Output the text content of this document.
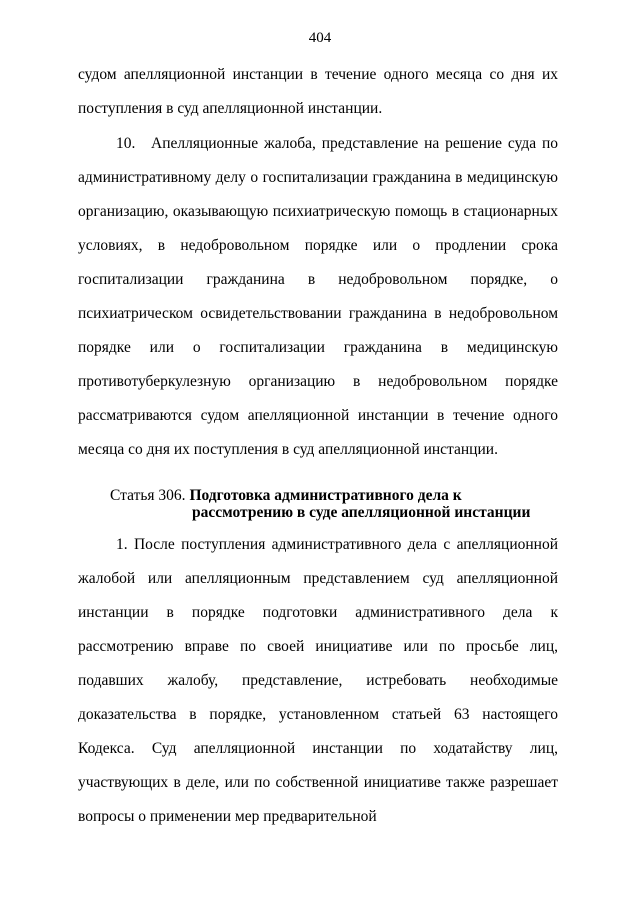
404

судом апелляционной инстанции в течение одного месяца со дня их поступления в суд апелляционной инстанции.

10. Апелляционные жалоба, представление на решение суда по административному делу о госпитализации гражданина в медицинскую организацию, оказывающую психиатрическую помощь в стационарных условиях, в недобровольном порядке или о продлении срока госпитализации гражданина в недобровольном порядке, о психиатрическом освидетельствовании гражданина в недобровольном порядке или о госпитализации гражданина в медицинскую противотуберкулезную организацию в недобровольном порядке рассматриваются судом апелляционной инстанции в течение одного месяца со дня их поступления в суд апелляционной инстанции.

Статья 306. Подготовка административного дела к рассмотрению в суде апелляционной инстанции

1. После поступления административного дела с апелляционной жалобой или апелляционным представлением суд апелляционной инстанции в порядке подготовки административного дела к рассмотрению вправе по своей инициативе или по просьбе лиц, подавших жалобу, представление, истребовать необходимые доказательства в порядке, установленном статьей 63 настоящего Кодекса. Суд апелляционной инстанции по ходатайству лиц, участвующих в деле, или по собственной инициативе также разрешает вопросы о применении мер предварительной
